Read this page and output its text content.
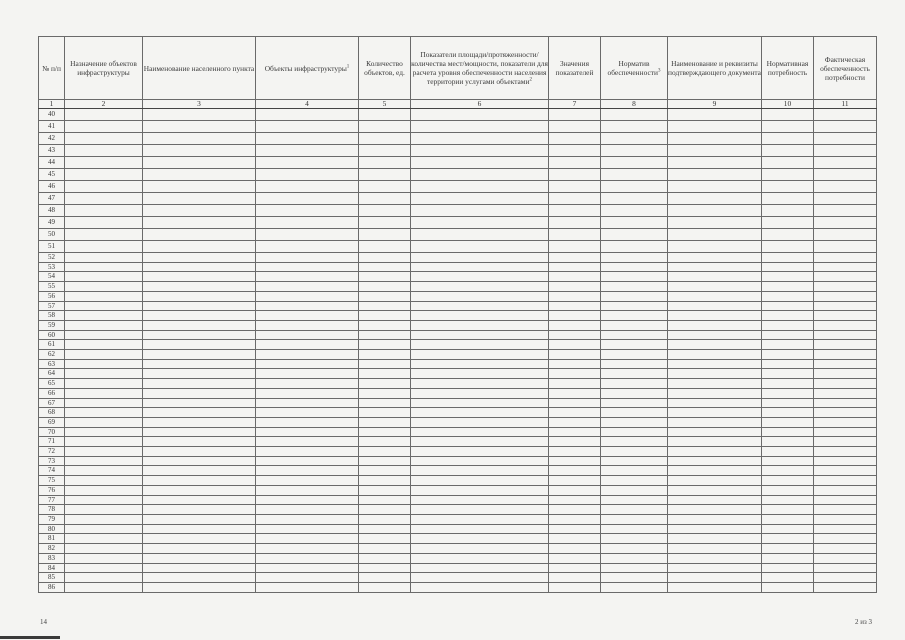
№ п/п	Назначение объектов инфраструктуры	Наименование населенного пункта	Объекты инфраструктуры$^1$	Количество объектов, ед.	Показатели площади/протяженности/количества мест/мощности, показатели для расчета уровня обеспеченности населения территории услугами объектами$^2$	Значения показателей	Норматив обеспеченности$^3$	Наименование и реквизиты подтверждающего документа	Нормативная потребность	Фактическая обеспеченность потребности
1	2	3	4	5	6	7	8	9	10	11
40										
41										
42										
43										
44										
45										
46										
47										
48										
49										
50										
51										
52										
53										
54										
55										
56										
57										
58										
59										
60										
61										
62										
63										
64										
65										
66										
67										
68										
69										
70										
71										
72										
73										
74										
75										
76										
77										
78										
79										
80										
81										
82										
83										
84										
85										
86										
14	2 из 3
